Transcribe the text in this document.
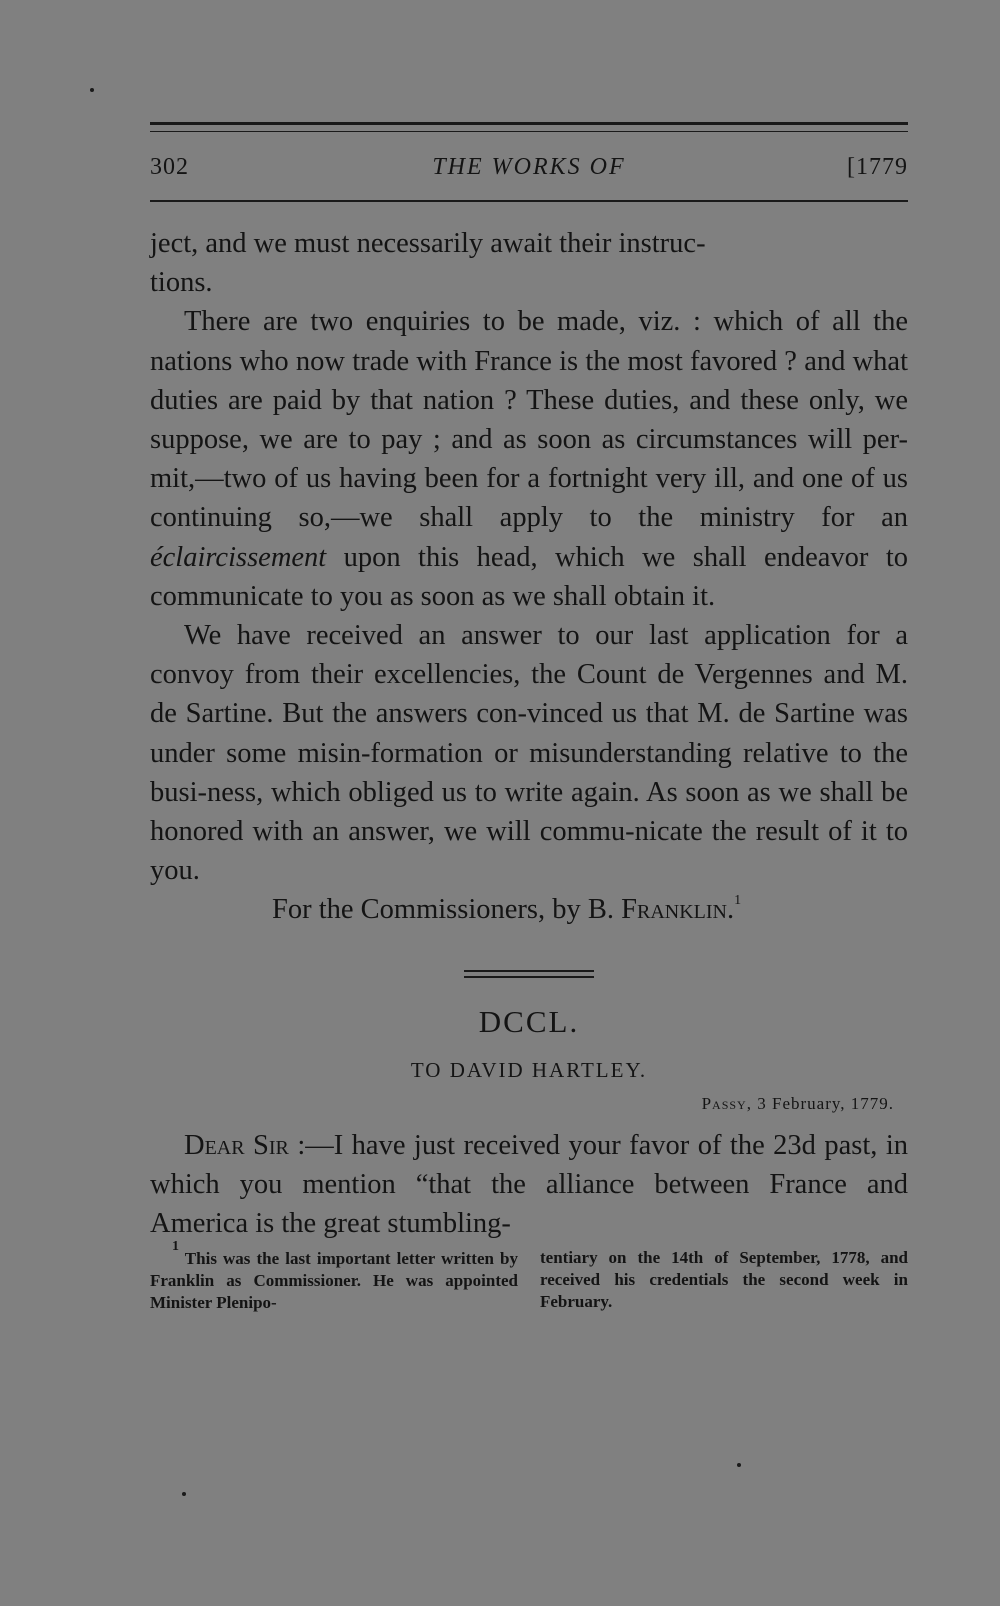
302	THE WORKS OF	[1779

ject, and we must necessarily await their instruc-
tions.

There are two enquiries to be made, viz. : which of all the nations who now trade with France is the most favored ? and what duties are paid by that nation ? These duties, and these only, we suppose, we are to pay ; and as soon as circumstances will per-mit,—two of us having been for a fortnight very ill, and one of us continuing so,—we shall apply to the ministry for an éclaircissement upon this head, which we shall endeavor to communicate to you as soon as we shall obtain it.

We have received an answer to our last application for a convoy from their excellencies, the Count de Vergennes and M. de Sartine. But the answers con-vinced us that M. de Sartine was under some misin-formation or misunderstanding relative to the busi-ness, which obliged us to write again. As soon as we shall be honored with an answer, we will commu-nicate the result of it to you.

For the Commissioners, by B. Franklin.$^1$

DCCL.
TO DAVID HARTLEY.
Passy, 3 February, 1779.

Dear Sir :—I have just received your favor of the 23d past, in which you mention “that the alliance between France and America is the great stumbling-

$^1$ This was the last important letter written by Franklin as Commissioner. He was appointed Minister Plenipo-
tentiary on the 14th of September, 1778, and received his credentials the second week in February.
